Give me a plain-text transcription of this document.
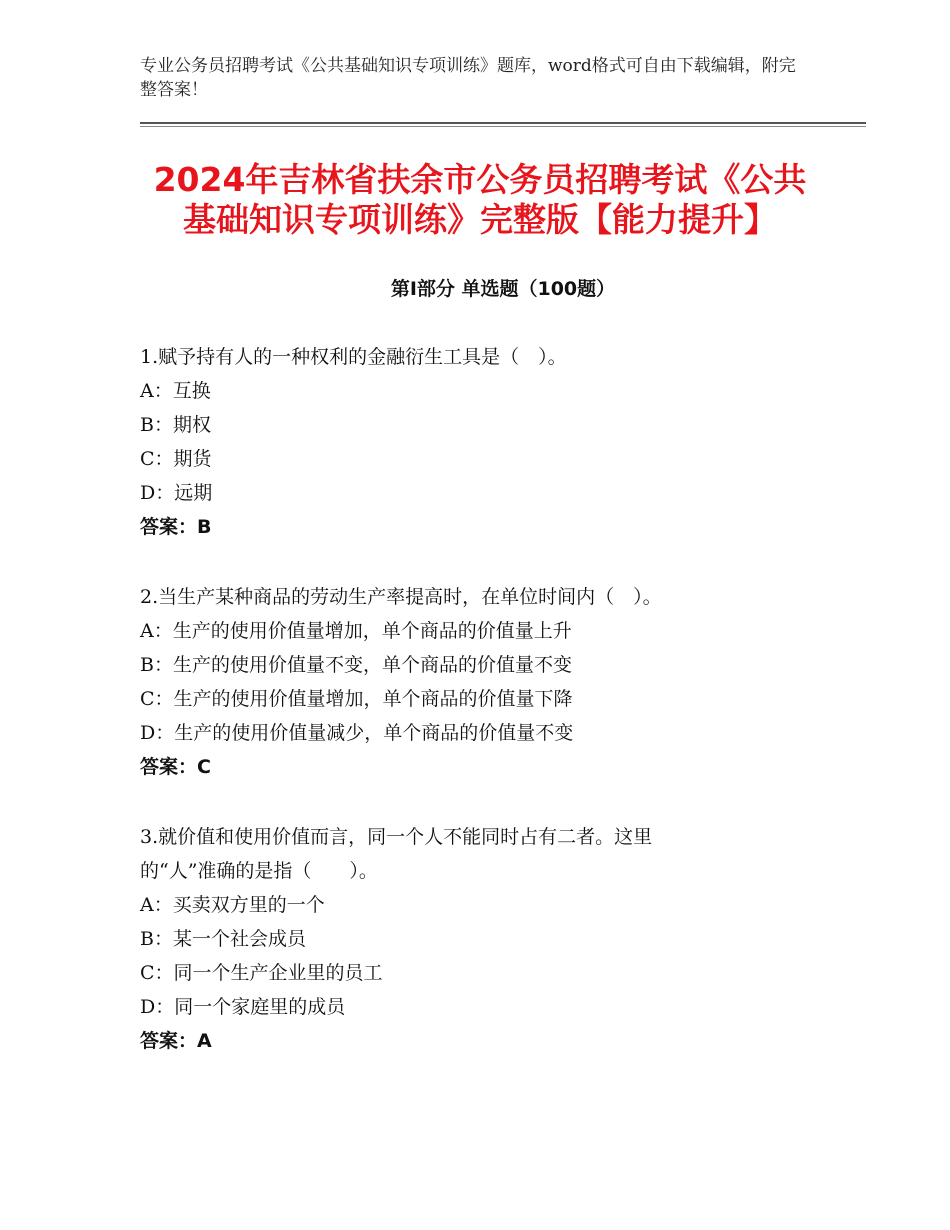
专业公务员招聘考试《公共基础知识专项训练》题库，word格式可自由下载编辑，附完整答案！
2024年吉林省扶余市公务员招聘考试《公共
基础知识专项训练》完整版【能力提升】
第Ⅰ部分 单选题（100题）
1.赋予持有人的一种权利的金融衍生工具是（　）。
A：互换
B：期权
C：期货
D：远期
答案：B
2.当生产某种商品的劳动生产率提高时，在单位时间内（　）。
A：生产的使用价值量增加，单个商品的价值量上升
B：生产的使用价值量不变，单个商品的价值量不变
C：生产的使用价值量增加，单个商品的价值量下降
D：生产的使用价值量减少，单个商品的价值量不变
答案：C
3.就价值和使用价值而言，同一个人不能同时占有二者。这里
的“人”准确的是指（　　）。
A：买卖双方里的一个
B：某一个社会成员
C：同一个生产企业里的员工
D：同一个家庭里的成员
答案：A
